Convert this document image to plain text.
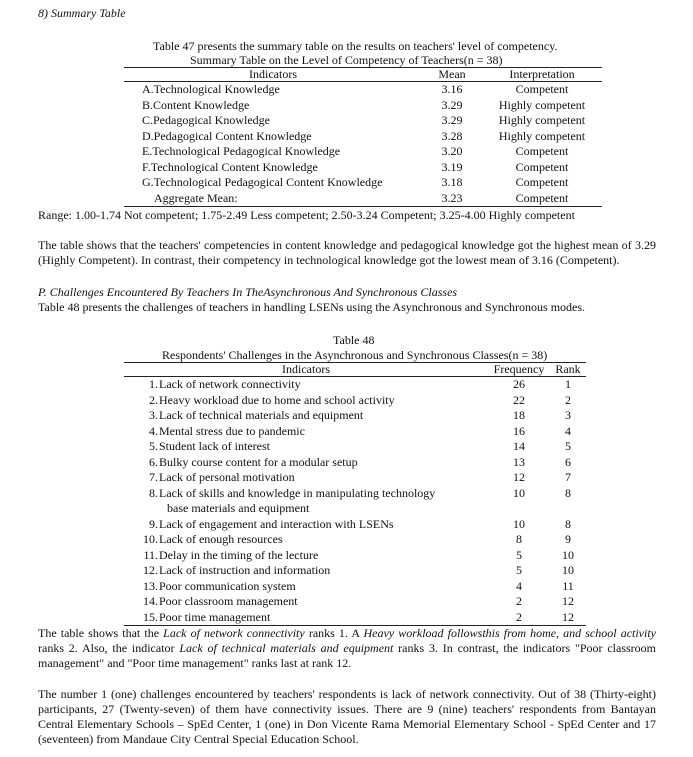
8) Summary Table
Table 47 presents the summary table on the results on teachers' level of competency.
Summary Table on the Level of Competency of Teachers(n = 38)
Indicators	Mean	Interpretation
A.Technological Knowledge	3.16	Competent
B.Content Knowledge	3.29	Highly competent
C.Pedagogical Knowledge	3.29	Highly competent
D.Pedagogical Content Knowledge	3.28	Highly competent
E.Technological Pedagogical Knowledge	3.20	Competent
F.Technological Content Knowledge	3.19	Competent
G.Technological Pedagogical Content Knowledge	3.18	Competent
Aggregate Mean:	3.23	Competent
Range: 1.00-1.74 Not competent; 1.75-2.49 Less competent; 2.50-3.24 Competent; 3.25-4.00 Highly competent
The table shows that the teachers' competencies in content knowledge and pedagogical knowledge got the highest mean of 3.29 (Highly Competent). In contrast, their competency in technological knowledge got the lowest mean of 3.16 (Competent).
P. Challenges Encountered By Teachers In TheAsynchronous And Synchronous Classes
Table 48 presents the challenges of teachers in handling LSENs using the Asynchronous and Synchronous modes.
Table 48
Respondents' Challenges in the Asynchronous and Synchronous Classes(n = 38)
Indicators		Frequency	Rank
1.	Lack of network connectivity	26	1
2.	Heavy workload due to home and school activity	22	2
3.	Lack of technical materials and equipment	18	3
4.	Mental stress due to pandemic	16	4
5.	Student lack of interest	14	5
6.	Bulky course content for a modular setup	13	6
7.	Lack of personal motivation	12	7
8.	Lack of skills and knowledge in manipulating technology	10	8
	base materials and equipment		
9.	Lack of engagement and interaction with LSENs	10	8
10.	Lack of enough resources	8	9
11.	Delay in the timing of the lecture	5	10
12.	Lack of instruction and information	5	10
13.	Poor communication system	4	11
14.	Poor classroom management	2	12
15.	Poor time management	2	12
The table shows that the Lack of network connectivity ranks 1. A Heavy workload followsthis from home, and school activity ranks 2. Also, the indicator Lack of technical materials and equipment ranks 3. In contrast, the indicators "Poor classroom management" and "Poor time management" ranks last at rank 12.
The number 1 (one) challenges encountered by teachers' respondents is lack of network connectivity. Out of 38 (Thirty-eight) participants, 27 (Twenty-seven) of them have connectivity issues. There are 9 (nine) teachers' respondents from Bantayan Central Elementary Schools – SpEd Center, 1 (one) in Don Vicente Rama Memorial Elementary School - SpEd Center and 17 (seventeen) from Mandaue City Central Special Education School.
